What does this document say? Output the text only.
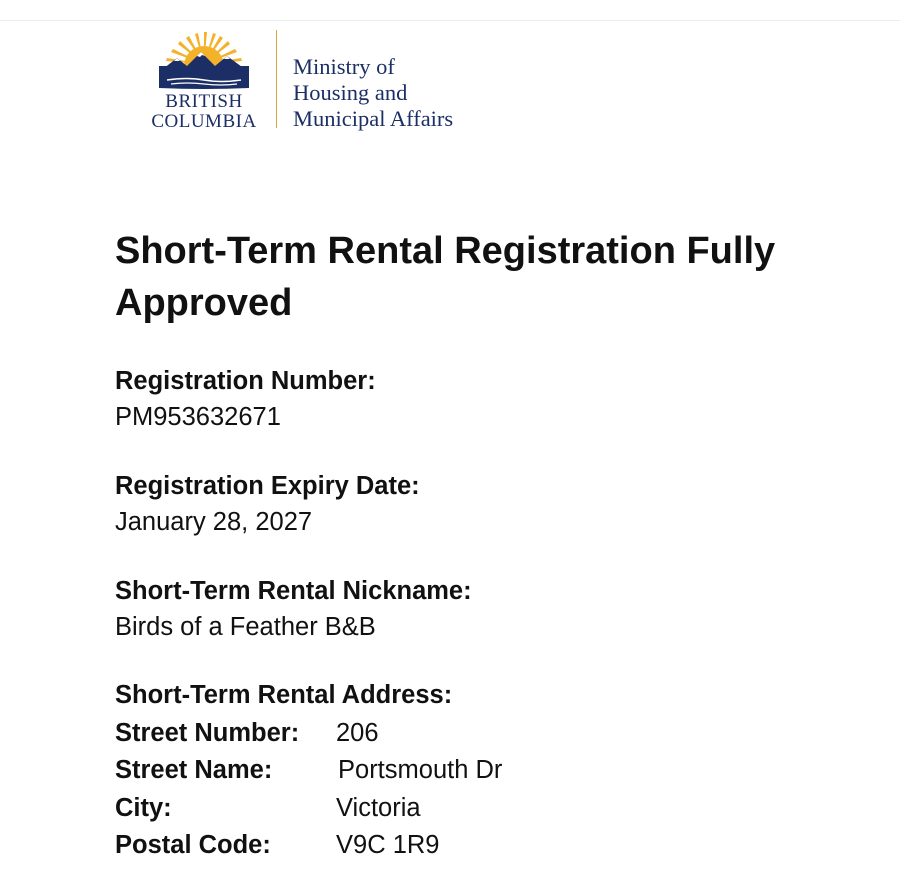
BRITISH
COLUMBIA
Ministry of
Housing and
Municipal Affairs
Short-Term Rental Registration Fully Approved
Registration Number:
PM953632671
Registration Expiry Date:
January 28, 2027
Short-Term Rental Nickname:
Birds of a Feather B&B
Short-Term Rental Address:
Street Number: 206
Street Name:	Portsmouth Dr
City:	Victoria
Postal Code:	V9C 1R9
